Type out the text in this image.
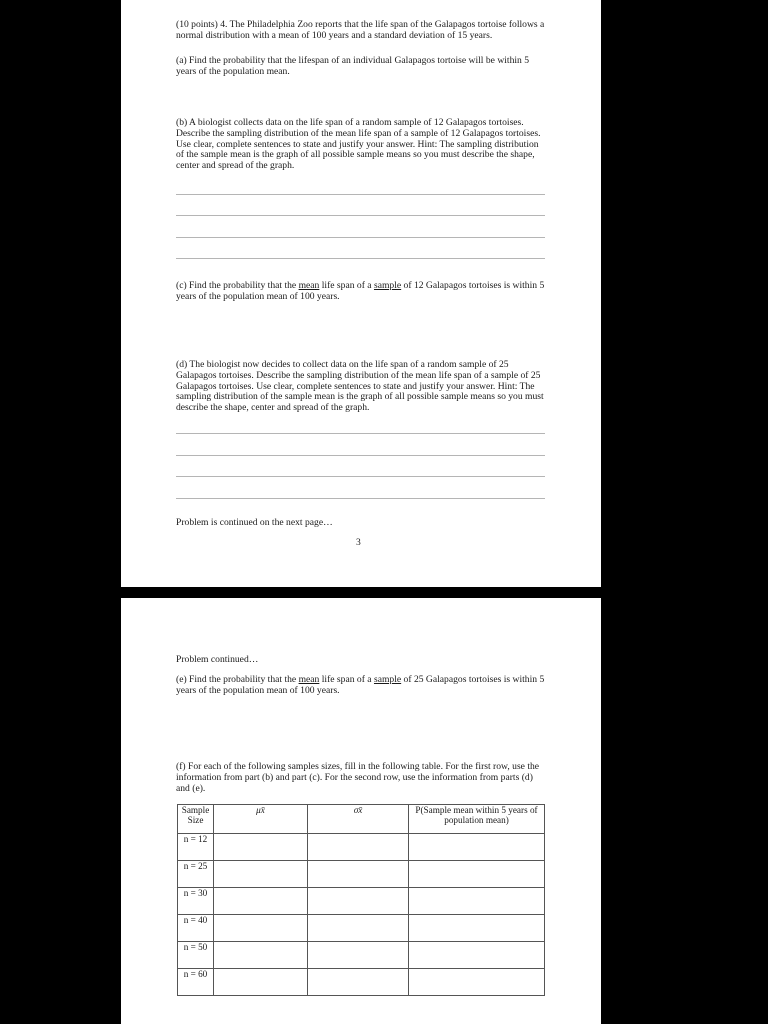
(10 points) 4. The Philadelphia Zoo reports that the life span of the Galapagos tortoise follows a normal distribution with a mean of 100 years and a standard deviation of 15 years.

(a) Find the probability that the lifespan of an individual Galapagos tortoise will be within 5 years of the population mean.

(b) A biologist collects data on the life span of a random sample of 12 Galapagos tortoises. Describe the sampling distribution of the mean life span of a sample of 12 Galapagos tortoises. Use clear, complete sentences to state and justify your answer. Hint: The sampling distribution of the sample mean is the graph of all possible sample means so you must describe the shape, center and spread of the graph.

(c) Find the probability that the mean life span of a sample of 12 Galapagos tortoises is within 5 years of the population mean of 100 years.

(d) The biologist now decides to collect data on the life span of a random sample of 25 Galapagos tortoises. Describe the sampling distribution of the mean life span of a sample of 25 Galapagos tortoises. Use clear, complete sentences to state and justify your answer. Hint: The sampling distribution of the sample mean is the graph of all possible sample means so you must describe the shape, center and spread of the graph.

Problem is continued on the next page…

3

Problem continued…

(e) Find the probability that the mean life span of a sample of 25 Galapagos tortoises is within 5 years of the population mean of 100 years.

(f) For each of the following samples sizes, fill in the following table. For the first row, use the information from part (b) and part (c). For the second row, use the information from parts (d) and (e).

Sample Size	μx̄	σx̄	P(Sample mean within 5 years of population mean)
n = 12			
n = 25			
n = 30			
n = 40			
n = 50			
n = 60			
